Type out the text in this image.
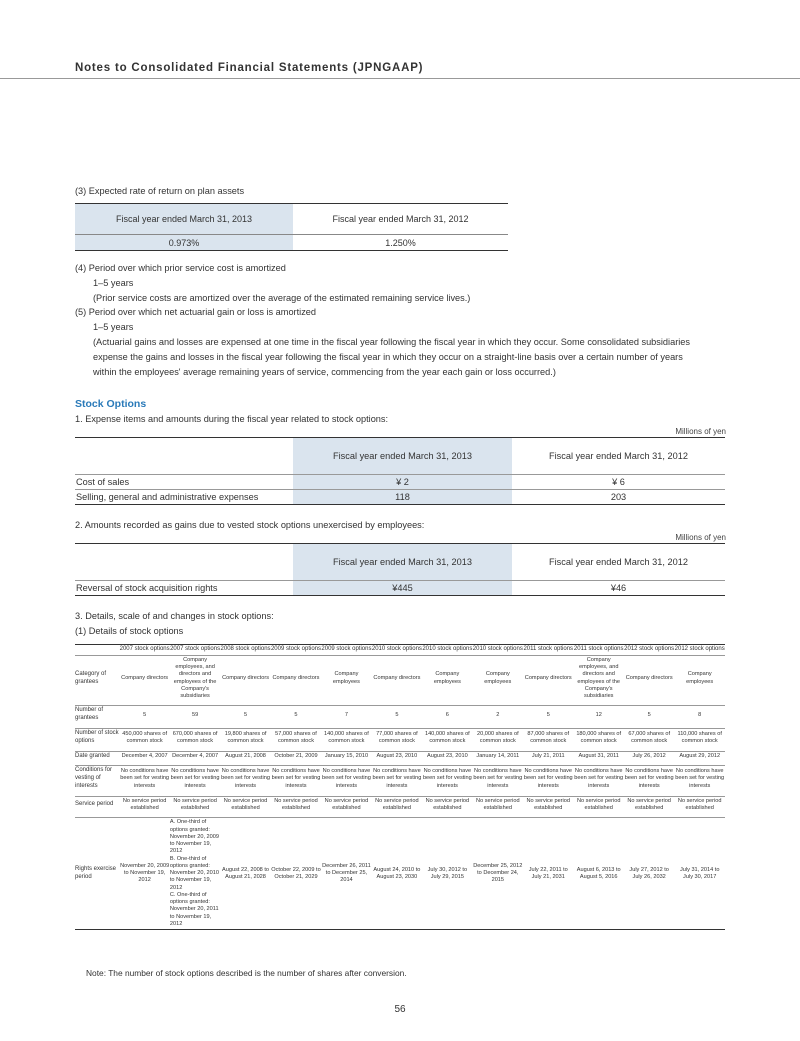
Notes to Consolidated Financial Statements (JPNGAAP)
(3) Expected rate of return on plan assets
Fiscal year ended March 31, 2013	Fiscal year ended March 31, 2012
0.973%	1.250%
(4) Period over which prior service cost is amortized
1–5 years
(Prior service costs are amortized over the average of the estimated remaining service lives.)
(5) Period over which net actuarial gain or loss is amortized
1–5 years
(Actuarial gains and losses are expensed at one time in the fiscal year following the fiscal year in which they occur. Some consolidated subsidiaries
expense the gains and losses in the fiscal year following the fiscal year in which they occur on a straight-line basis over a certain number of years
within the employees' average remaining years of service, commencing from the year each gain or loss occurred.)
Stock Options
1. Expense items and amounts during the fiscal year related to stock options:
Millions of yen
	Fiscal year ended March 31, 2013	Fiscal year ended March 31, 2012
Cost of sales	¥ 2	¥ 6
Selling, general and administrative expenses	118	203
2. Amounts recorded as gains due to vested stock options unexercised by employees:
Millions of yen
	Fiscal year ended March 31, 2013	Fiscal year ended March 31, 2012
Reversal of stock acquisition rights	¥445	¥46
3. Details, scale of and changes in stock options:
(1) Details of stock options
	2007 stock options	2007 stock options	2008 stock options	2009 stock options	2009 stock options	2010 stock options	2010 stock options	2010 stock options	2011 stock options	2011 stock options	2012 stock options	2012 stock options
Category of grantees	Company directors	Company employees, and directors and employees of the Company's subsidiaries	Company directors	Company directors	Company employees	Company directors	Company employees	Company employees	Company directors	Company employees, and directors and employees of the Company's subsidiaries	Company directors	Company employees

Number of grantees	5	59	5	5	7	5	6	2	5	12	5	8

Number of stock options	450,000 shares of common stock	670,000 shares of common stock	19,800 shares of common stock	57,000 shares of common stock	140,000 shares of common stock	77,000 shares of common stock	140,000 shares of common stock	20,000 shares of common stock	87,000 shares of common stock	180,000 shares of common stock	67,000 shares of common stock	110,000 shares of common stock

Date granted	December 4, 2007	December 4, 2007	August 21, 2008	October 21, 2009	January 15, 2010	August 23, 2010	August 23, 2010	January 14, 2011	July 21, 2011	August 31, 2011	July 26, 2012	August 29, 2012

Conditions for vesting of interests	No conditions have been set for vesting interests	No conditions have been set for vesting interests	No conditions have been set for vesting interests	No conditions have been set for vesting interests	No conditions have been set for vesting interests	No conditions have been set for vesting interests	No conditions have been set for vesting interests	No conditions have been set for vesting interests	No conditions have been set for vesting interests	No conditions have been set for vesting interests	No conditions have been set for vesting interests	No conditions have been set for vesting interests

Service period	No service period established	No service period established	No service period established	No service period established	No service period established	No service period established	No service period established	No service period established	No service period established	No service period established	No service period established	No service period established

Rights exercise period	November 20, 2009 to November 19, 2012	A. One-third of options granted: November 20, 2009 to November 19, 2012
B. One-third of options granted: November 20, 2010 to November 19, 2012
C. One-third of options granted: November 20, 2011 to November 19, 2012	August 22, 2008 to August 21, 2028	October 22, 2009 to October 21, 2029	December 26, 2011 to December 25, 2014	August 24, 2010 to August 23, 2030	July 30, 2012 to July 29, 2015	December 25, 2012 to December 24, 2015	July 22, 2011 to July 21, 2031	August 6, 2013 to August 5, 2016	July 27, 2012 to July 26, 2032	July 31, 2014 to July 30, 2017
Note: The number of stock options described is the number of shares after conversion.
56
